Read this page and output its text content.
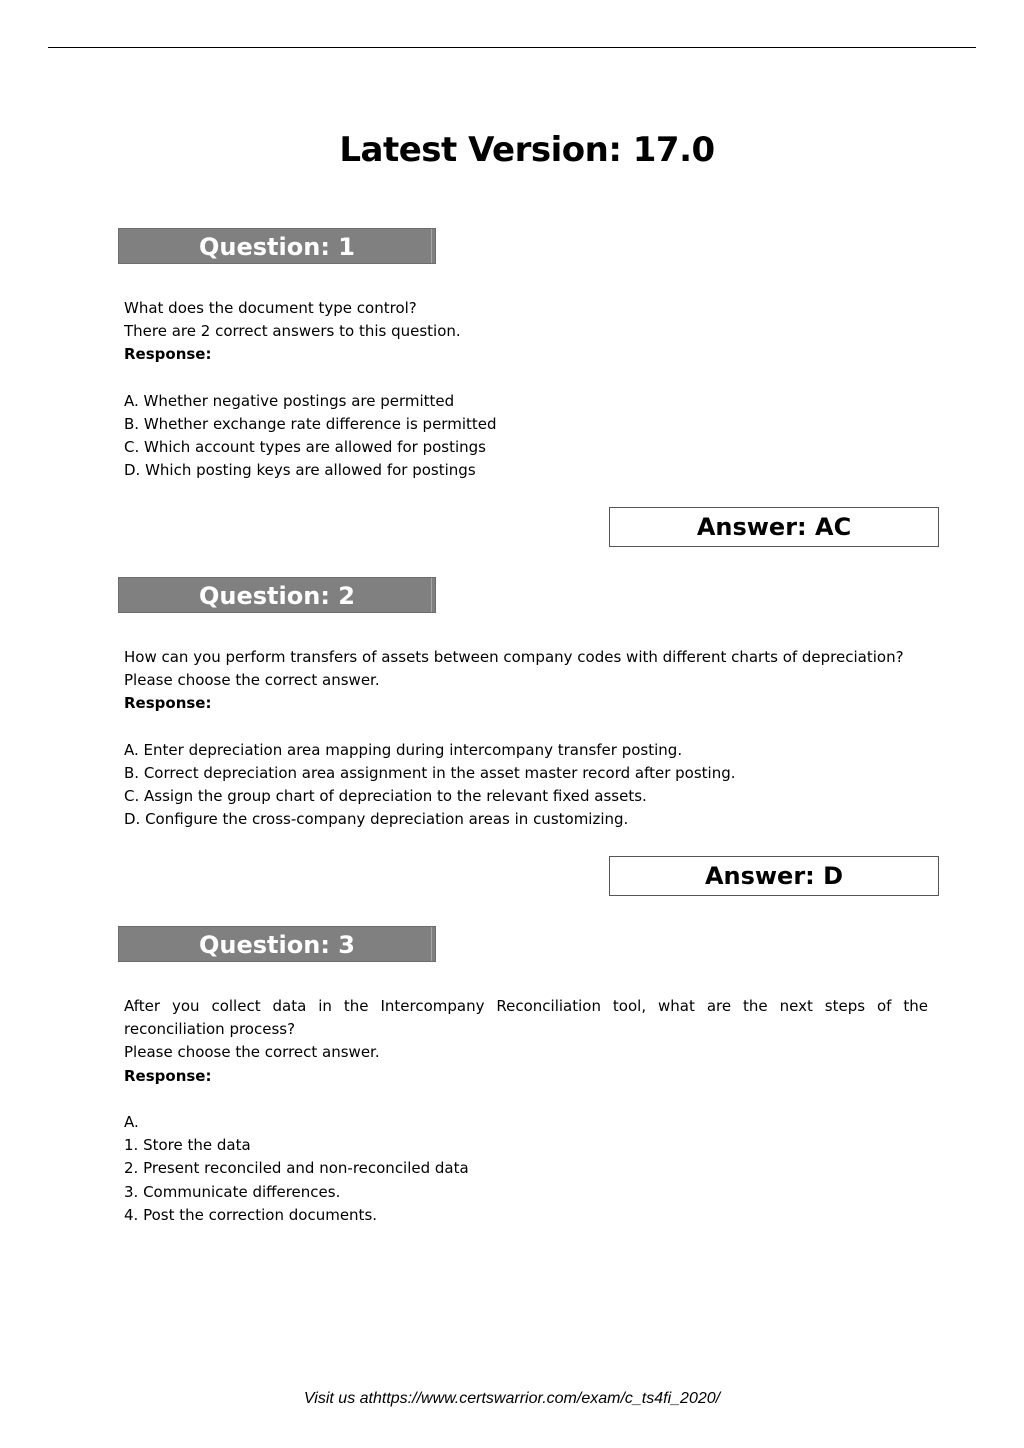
Latest Version: 17.0
Question: 1
What does the document type control?
There are 2 correct answers to this question.
Response:
A. Whether negative postings are permitted
B. Whether exchange rate difference is permitted
C. Which account types are allowed for postings
D. Which posting keys are allowed for postings
Answer: AC
Question: 2
How can you perform transfers of assets between company codes with different charts of depreciation?
Please choose the correct answer.
Response:
A. Enter depreciation area mapping during intercompany transfer posting.
B. Correct depreciation area assignment in the asset master record after posting.
C. Assign the group chart of depreciation to the relevant fixed assets.
D. Configure the cross-company depreciation areas in customizing.
Answer: D
Question: 3
After you collect data in the Intercompany Reconciliation tool, what are the next steps of the
reconciliation process?
Please choose the correct answer.
Response:
A.
1. Store the data
2. Present reconciled and non-reconciled data
3. Communicate differences.
4. Post the correction documents.
Visit us athttps://www.certswarrior.com/exam/c_ts4fi_2020/
